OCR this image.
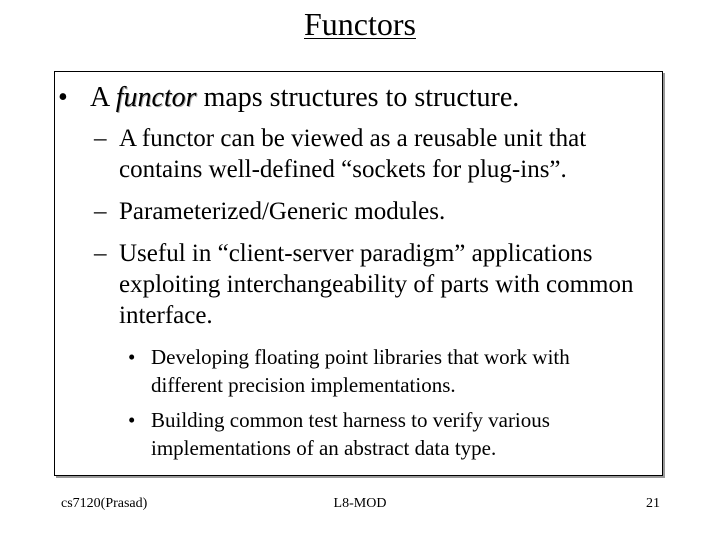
Functors
• A functor maps structures to structure.
– A functor can be viewed as a reusable unit that contains well-defined “sockets for plug-ins”.
– Parameterized/Generic modules.
– Useful in “client-server paradigm” applications exploiting interchangeability of parts with common interface.
• Developing floating point libraries that work with different precision implementations.
• Building common test harness to verify various implementations of an abstract data type.
cs7120(Prasad)	L8-MOD	21
